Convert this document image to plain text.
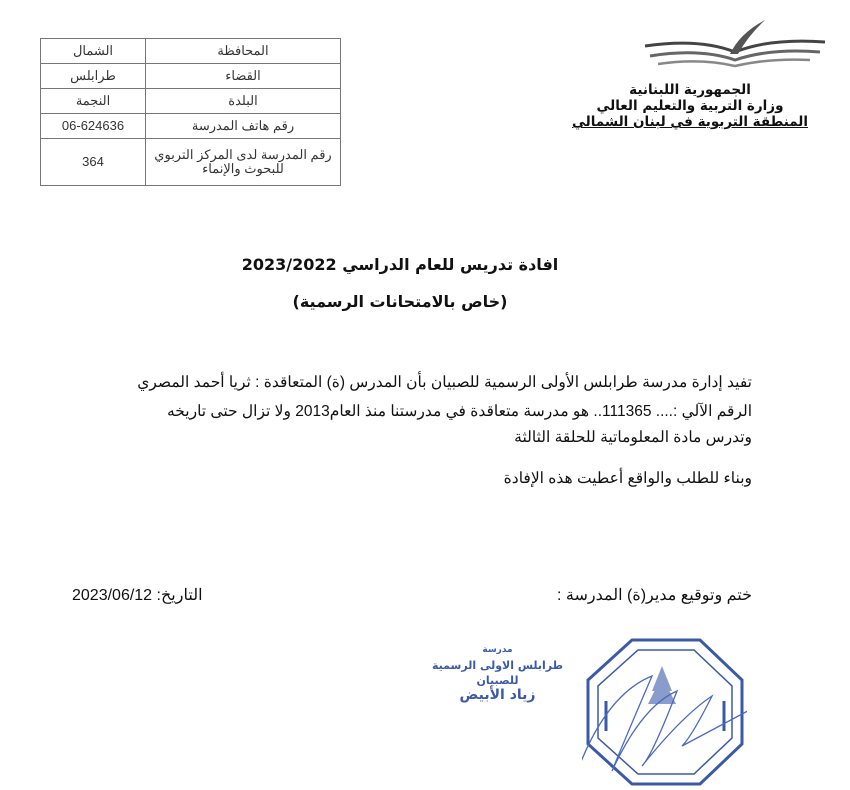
الجمهورية اللبنانية
وزارة التربية والتعليم العالي
المنطقة التربوية في لبنان الشمالي
المحافظة	الشمال
القضاء	طرابلس
البلدة	النجمة
رقم هاتف المدرسة	06-624636
رقم المدرسة لدى المركز التربوي للبحوث والإنماء	364
افادة تدريس للعام الدراسي 2023/2022
(خاص بالامتحانات الرسمية)
تفيد إدارة مدرسة طرابلس الأولى الرسمية للصبيان بأن المدرس (ة) المتعاقدة : ثريا أحمد المصري
الرقم الآلي :.... 111365.. هو مدرسة متعاقدة في مدرستنا منذ العام2013 ولا تزال حتى تاريخه
وتدرس مادة المعلوماتية للحلقة الثالثة
وبناء للطلب والواقع أعطيت هذه الإفادة
ختم وتوقيع مدير(ة) المدرسة :
التاريخ: 2023/06/12
مدرسة
طرابلس الاولى الرسمية للصبيان
زياد الأبيض
